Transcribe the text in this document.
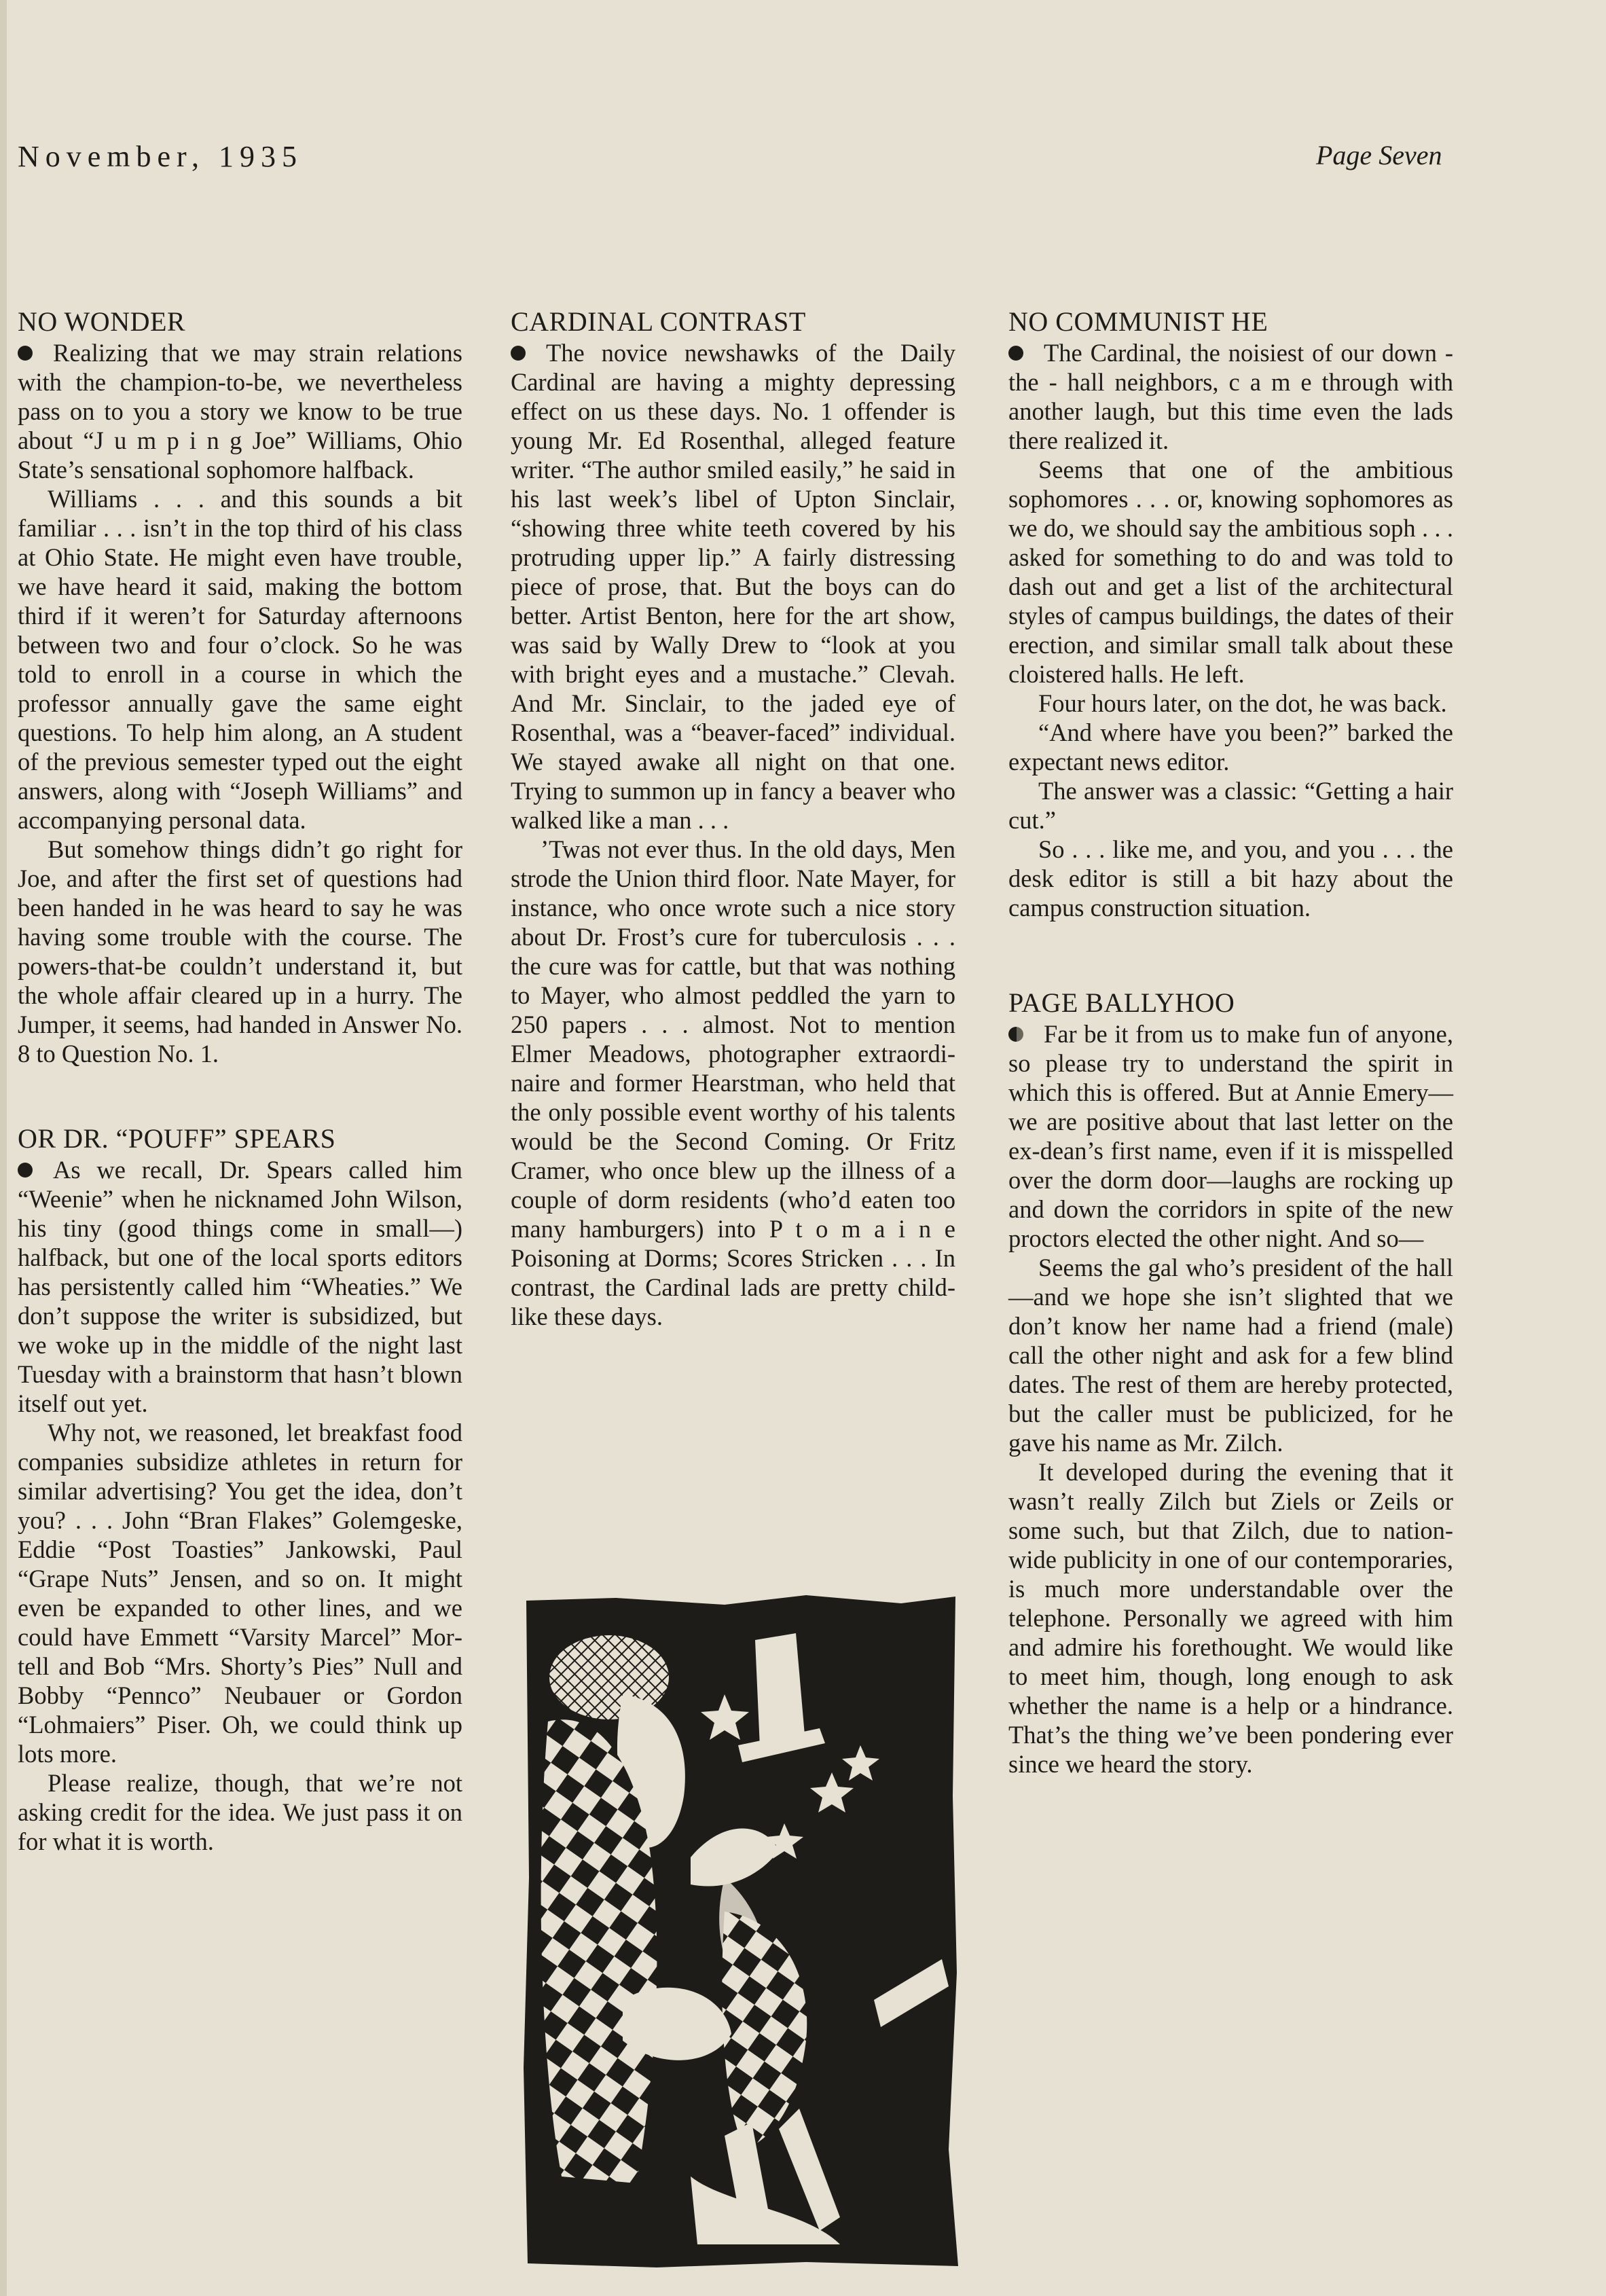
November, 1935	Page Seven
NO WONDER

Realizing that we may strain relations with the champion-to-be, we nevertheless pass on to you a story we know to be true about “J u m p i n g Joe” Williams, Ohio State’s sensational sophomore halfback.

Williams . . . and this sounds a bit familiar . . . isn’t in the top third of his class at Ohio State. He might even have trouble, we have heard it said, making the bottom third if it weren’t for Saturday afternoons between two and four o’clock. So he was told to enroll in a course in which the professor annually gave the same eight questions. To help him along, an A student of the previous semester typed out the eight answers, along with “Joseph Williams” and accompanying personal data.

But somehow things didn’t go right for Joe, and after the first set of questions had been handed in he was heard to say he was having some trouble with the course. The powers-that-be couldn’t understand it, but the whole affair cleared up in a hurry. The Jumper, it seems, had handed in Answer No. 8 to Question No. 1.

OR DR. “POUFF” SPEARS

As we recall, Dr. Spears called him “Weenie” when he nicknamed John Wilson, his tiny (good things come in small—) halfback, but one of the local sports editors has persistently called him “Wheaties.” We don’t suppose the writer is subsidized, but we woke up in the middle of the night last Tuesday with a brainstorm that hasn’t blown itself out yet.

Why not, we reasoned, let breakfast food companies subsidize athletes in return for similar advertising? You get the idea, don’t you? . . . John “Bran Flakes” Golemgeske, Eddie “Post Toasties” Jankowski, Paul “Grape Nuts” Jensen, and so on. It might even be expanded to other lines, and we could have Emmett “Varsity Marcel” Mortell and Bob “Mrs. Shorty’s Pies” Null and Bobby “Pennco” Neubauer or Gordon “Lohmaiers” Piser. Oh, we could think up lots more.

Please realize, though, that we’re not asking credit for the idea. We just pass it on for what it is worth.

CARDINAL CONTRAST

The novice newshawks of the Daily Cardinal are having a mighty depressing effect on us these days. No. 1 offender is young Mr. Ed Rosenthal, alleged feature writer. “The author smiled easily,” he said in his last week’s libel of Upton Sinclair, “showing three white teeth covered by his protruding upper lip.” A fairly distressing piece of prose, that. But the boys can do better. Artist Benton, here for the art show, was said by Wally Drew to “look at you with bright eyes and a mustache.” Clevah. And Mr. Sinclair, to the jaded eye of Rosenthal, was a “beaver-faced” individual. We stayed awake all night on that one. Trying to summon up in fancy a beaver who walked like a man . . .

’Twas not ever thus. In the old days, Men strode the Union third floor. Nate Mayer, for instance, who once wrote such a nice story about Dr. Frost’s cure for tuberculosis . . . the cure was for cattle, but that was nothing to Mayer, who almost peddled the yarn to 250 papers . . . almost. Not to mention Elmer Meadows, photographer extraordinaire and former Hearstman, who held that the only possible event worthy of his talents would be the Second Coming. Or Fritz Cramer, who once blew up the illness of a couple of dorm residents (who’d eaten too many hamburgers) into P t o m a i n e Poisoning at Dorms; Scores Stricken . . . In contrast, the Cardinal lads are pretty child-like these days.

NO COMMUNIST HE

The Cardinal, the noisiest of our down - the - hall neighbors, c a m e through with another laugh, but this time even the lads there realized it.

Seems that one of the ambitious sophomores . . . or, knowing sophomores as we do, we should say the ambitious soph . . . asked for something to do and was told to dash out and get a list of the architectural styles of campus buildings, the dates of their erection, and similar small talk about these cloistered halls. He left.

Four hours later, on the dot, he was back.

“And where have you been?” barked the expectant news editor.

The answer was a classic: “Getting a hair cut.”

So . . . like me, and you, and you . . . the desk editor is still a bit hazy about the campus construction situation.

PAGE BALLYHOO

Far be it from us to make fun of anyone, so please try to understand the spirit in which this is offered. But at Annie Emery—we are positive about that last letter on the ex-dean’s first name, even if it is misspelled over the dorm door—laughs are rocking up and down the corridors in spite of the new proctors elected the other night. And so—

Seems the gal who’s president of the hall—and we hope she isn’t slighted that we don’t know her name had a friend (male) call the other night and ask for a few blind dates. The rest of them are hereby protected, but the caller must be publicized, for he gave his name as Mr. Zilch.

It developed during the evening that it wasn’t really Zilch but Ziels or Zeils or some such, but that Zilch, due to nation-wide publicity in one of our contemporaries, is much more understandable over the telephone. Personally we agreed with him and admire his forethought. We would like to meet him, though, long enough to ask whether the name is a help or a hindrance. That’s the thing we’ve been pondering ever since we heard the story.
